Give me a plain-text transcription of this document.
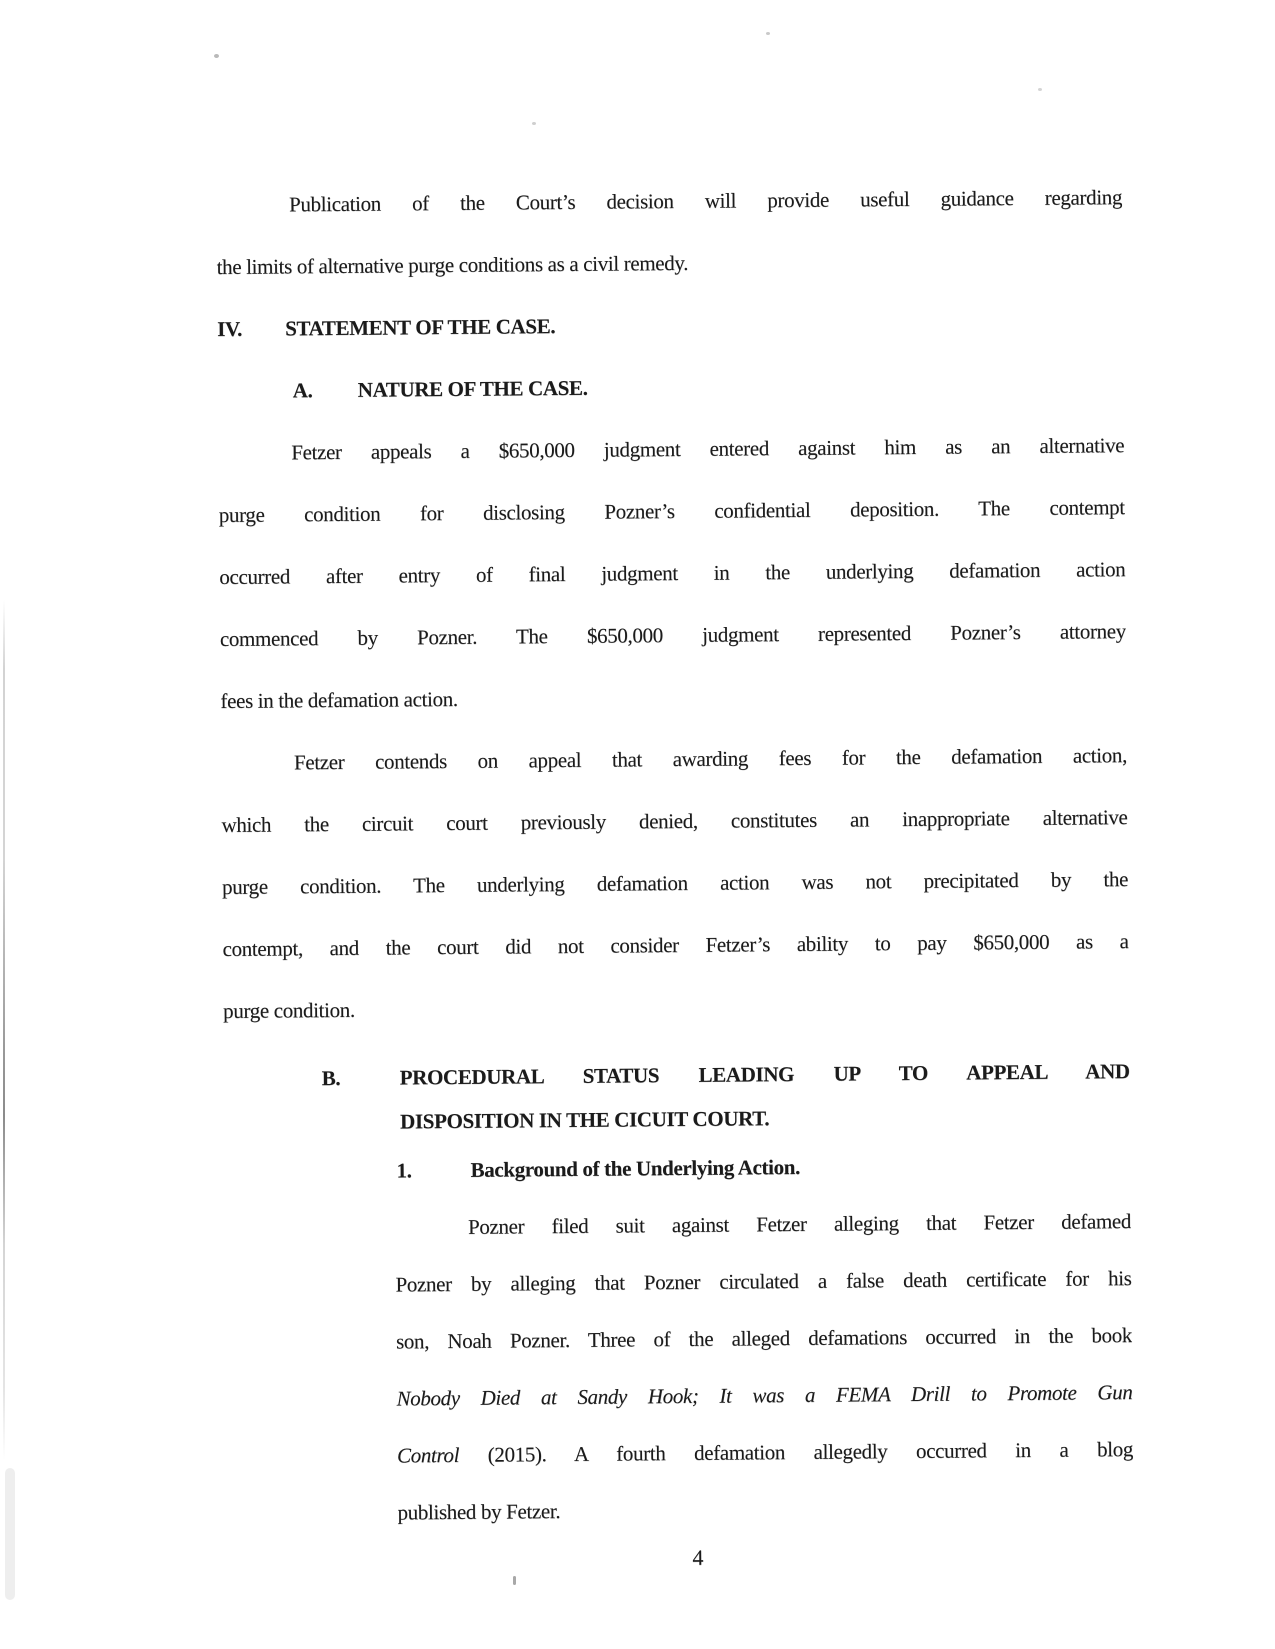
Publication of the Court’s decision will provide useful guidance regarding
the limits of alternative purge conditions as a civil remedy.
IV.	STATEMENT OF THE CASE.
A.	NATURE OF THE CASE.
Fetzer appeals a $650,000 judgment entered against him as an alternative
purge condition for disclosing Pozner’s confidential deposition. The contempt
occurred after entry of final judgment in the underlying defamation action
commenced by Pozner. The $650,000 judgment represented Pozner’s attorney
fees in the defamation action.
Fetzer contends on appeal that awarding fees for the defamation action,
which the circuit court previously denied, constitutes an inappropriate alternative
purge condition. The underlying defamation action was not precipitated by the
contempt, and the court did not consider Fetzer’s ability to pay $650,000 as a
purge condition.
B.	PROCEDURAL STATUS LEADING UP TO APPEAL AND
DISPOSITION IN THE CICUIT COURT.
1.	Background of the Underlying Action.
Pozner filed suit against Fetzer alleging that Fetzer defamed
Pozner by alleging that Pozner circulated a false death certificate for his
son, Noah Pozner. Three of the alleged defamations occurred in the book
Nobody Died at Sandy Hook; It was a FEMA Drill to Promote Gun
Control (2015). A fourth defamation allegedly occurred in a blog
published by Fetzer.
4
